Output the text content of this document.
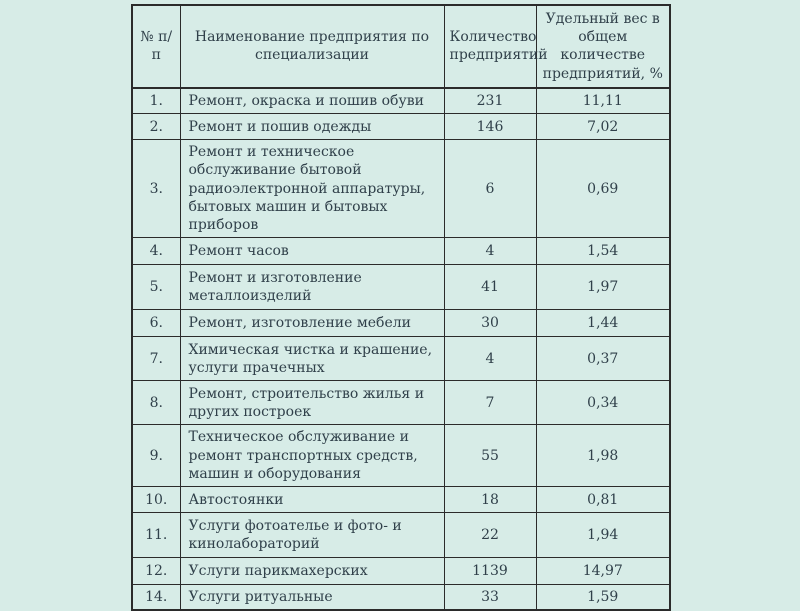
№ п/п	Наименование предприятия по специализации	Количество предприятий	Удельный вес в общем количестве предприятий, %
1.	Ремонт, окраска и пошив обуви	231	11,11
2.	Ремонт и пошив одежды	146	7,02
3.	Ремонт и техническое обслуживание бытовой радиоэлектронной аппаратуры, бытовых машин и бытовых приборов	6	0,69
4.	Ремонт часов	4	1,54
5.	Ремонт и изготовление металлоизделий	41	1,97
6.	Ремонт, изготовление мебели	30	1,44
7.	Химическая чистка и крашение, услуги прачечных	4	0,37
8.	Ремонт, строительство жилья и других построек	7	0,34
9.	Техническое обслуживание и ремонт транспортных средств, машин и оборудования	55	1,98
10.	Автостоянки	18	0,81
11.	Услуги фотоателье и фото- и кинолабораторий	22	1,94
12.	Услуги парикмахерских	1139	14,97
14.	Услуги ритуальные	33	1,59
